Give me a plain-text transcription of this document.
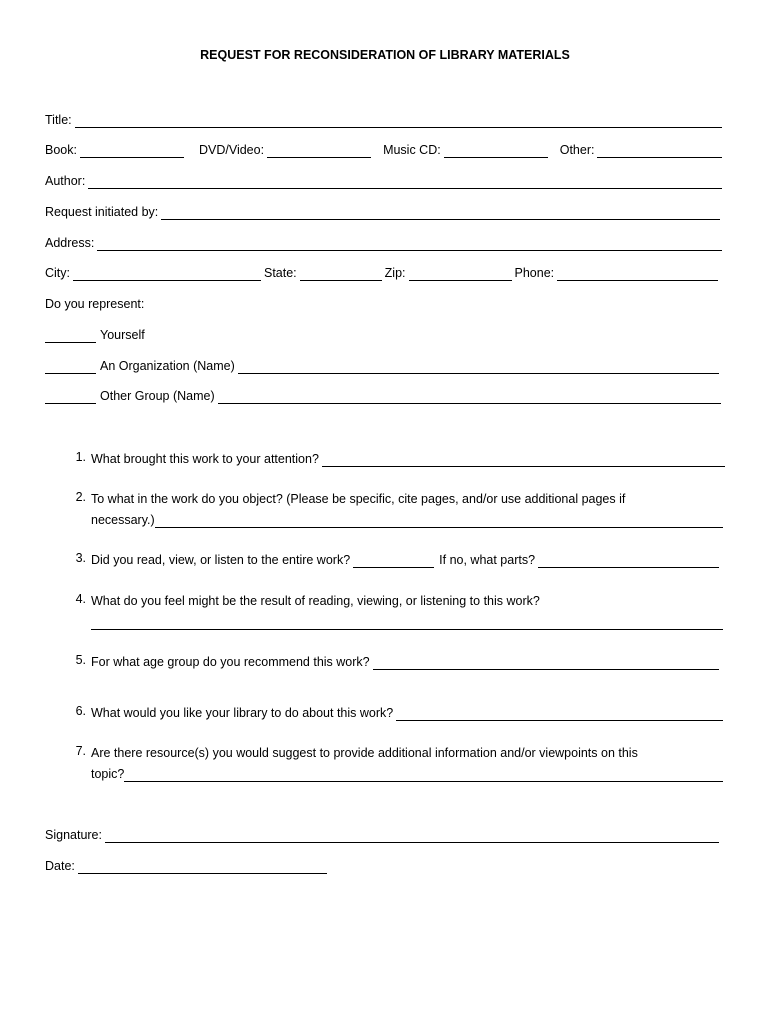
REQUEST FOR RECONSIDERATION OF LIBRARY MATERIALS
Title:
Book:	DVD/Video:	Music CD:	Other:
Author:
Request initiated by:
Address:
City:	State:	Zip:	Phone:
Do you represent:
Yourself
An Organization (Name)
Other Group (Name)
1. What brought this work to your attention?
2. To what in the work do you object? (Please be specific, cite pages, and/or use additional pages if
necessary.)
3. Did you read, view, or listen to the entire work?	If no, what parts?
4. What do you feel might be the result of reading, viewing, or listening to this work?
5. For what age group do you recommend this work?
6. What would you like your library to do about this work?
7. Are there resource(s) you would suggest to provide additional information and/or viewpoints on this
topic?
Signature:
Date:
